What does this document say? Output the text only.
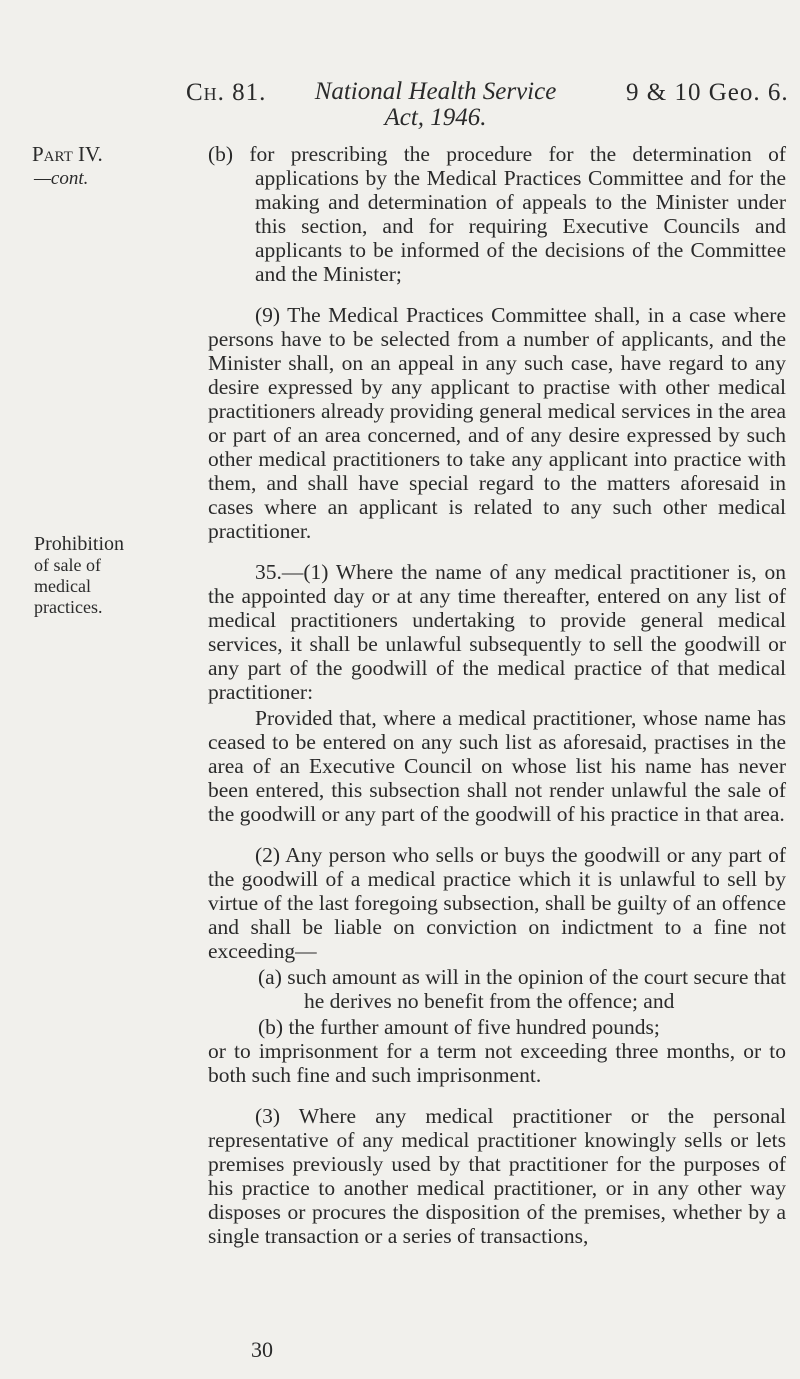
Ch. 81.	National Health Service
Act, 1946.
9 & 10 Geo. 6.
Part IV.
—cont.
Prohibition
of sale of
medical
practices.

(b) for prescribing the procedure for the determination of applications by the Medical Practices Committee and for the making and determination of appeals to the Minister under this section, and for requiring Executive Councils and applicants to be informed of the decisions of the Committee and the Minister;

(9) The Medical Practices Committee shall, in a case where persons have to be selected from a number of applicants, and the Minister shall, on an appeal in any such case, have regard to any desire expressed by any applicant to practise with other medical practitioners already providing general medical services in the area or part of an area concerned, and of any desire expressed by such other medical practitioners to take any applicant into practice with them, and shall have special regard to the matters aforesaid in cases where an applicant is related to any such other medical practitioner.

35.—(1) Where the name of any medical practitioner is, on the appointed day or at any time thereafter, entered on any list of medical practitioners undertaking to provide general medical services, it shall be unlawful subsequently to sell the goodwill or any part of the goodwill of the medical practice of that medical practitioner:

Provided that, where a medical practitioner, whose name has ceased to be entered on any such list as aforesaid, practises in the area of an Executive Council on whose list his name has never been entered, this subsection shall not render unlawful the sale of the goodwill or any part of the goodwill of his practice in that area.

(2) Any person who sells or buys the goodwill or any part of the goodwill of a medical practice which it is unlawful to sell by virtue of the last foregoing subsection, shall be guilty of an offence and shall be liable on conviction on indictment to a fine not exceeding—

(a) such amount as will in the opinion of the court secure that he derives no benefit from the offence; and

(b) the further amount of five hundred pounds;

or to imprisonment for a term not exceeding three months, or to both such fine and such imprisonment.

(3) Where any medical practitioner or the personal representative of any medical practitioner knowingly sells or lets premises previously used by that practitioner for the purposes of his practice to another medical practitioner, or in any other way disposes or procures the disposition of the premises, whether by a single transaction or a series of transactions,

30
